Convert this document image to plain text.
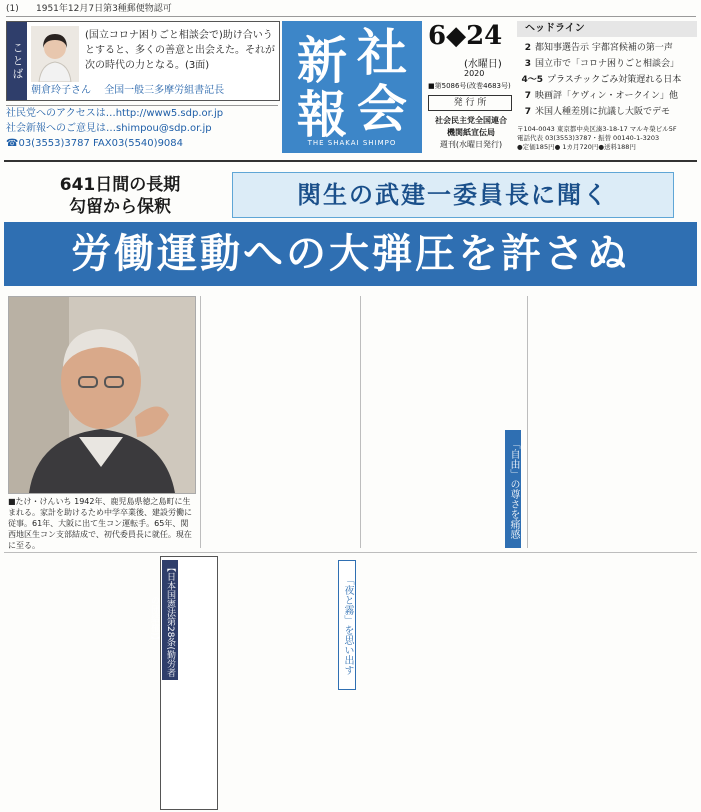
(1) 1951年12月7日第3種郵便物認可
ことば
(国立コロナ困りごと相談会で)助け合いうとすると、多くの善意と出会えた。それが次の時代の力となる。(3面)
朝倉玲子さん 全国一般三多摩労組書記長
社民党へのアクセスは…http://www5.sdp.or.jp
社会新報へのご意見は…shimpou@sdp.or.jp
☎03(3553)3787 FAX03(5540)9084
社
新
会
報
THE SHAKAI SHIMPO
6◆24
(水曜日)
2020
■第5086号(改巻4683号)
発 行 所
社会民主党全国連合
機関紙宣伝局
週刊(水曜日発行)
ヘッドライン
2 都知事選告示 宇都宮候補の第一声
3 国立市で「コロナ困りごと相談会」
4〜5 プラスチックごみ対策遅れる日本
7 映画評「ケヴィン・オークイン」他
7 米国人種差別に抗議し大阪でデモ
〒104-0043 東京都中央区湊3-18-17 マルキ榮ビル5F
電話代表 03(3553)3787・振替 00140-1-3203
●定価185円● 1カ月720円●送料188円
641日間の長期
勾留から保釈	関生の武建一委員長に聞く
労働運動への大弾圧を許さぬ
■たけ・けんいち 1942年、鹿児島県徳之島町に生まれる。家計を助けるため中学卒業後、建設労働に従事。61年、大阪に出て生コン運転手。65年、関西地区生コン支部結成で、初代委員長に就任。現在に至る。
「自由」の尊さを痛感
【日本国憲法第28条(勤労者の団結権)】	「夜と霧」を思い出す
